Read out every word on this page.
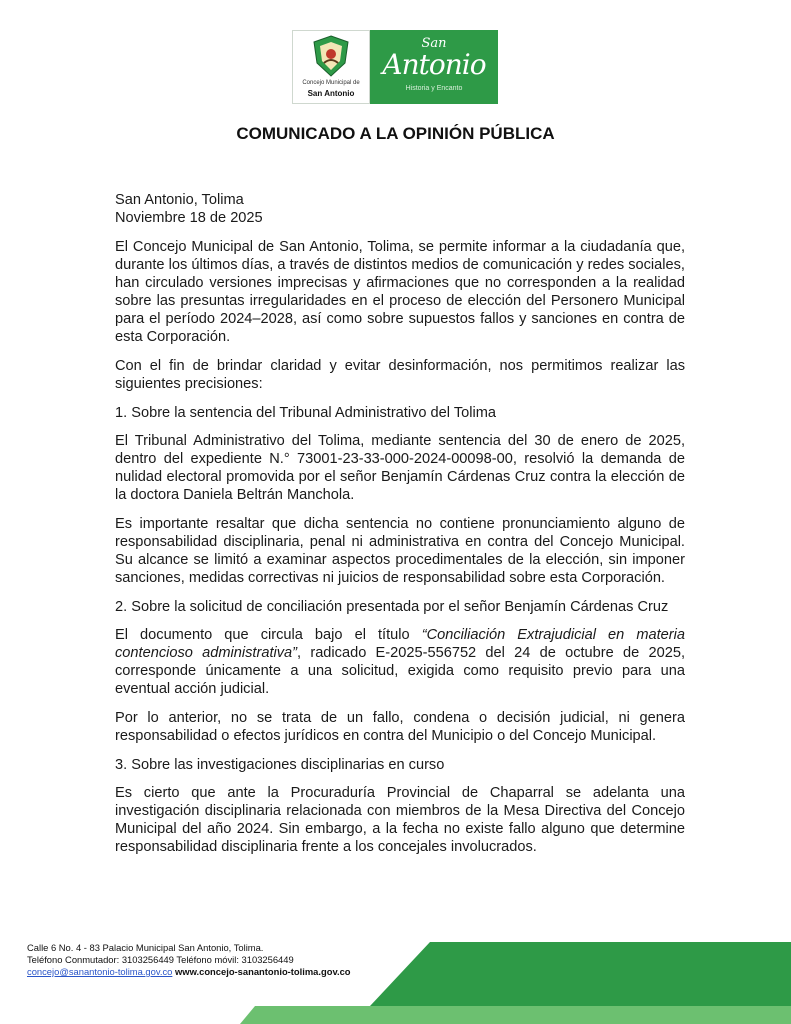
Concejo Municipal de
San Antonio
San
Antonio
Historia y Encanto
COMUNICADO A LA OPINIÓN PÚBLICA

San Antonio, Tolima

Noviembre 18 de 2025

El Concejo Municipal de San Antonio, Tolima, se permite informar a la ciudadanía que, durante los últimos días, a través de distintos medios de comunicación y redes sociales, han circulado versiones imprecisas y afirmaciones que no corresponden a la realidad sobre las presuntas irregularidades en el proceso de elección del Personero Municipal para el período 2024–2028, así como sobre supuestos fallos y sanciones en contra de esta Corporación.

Con el fin de brindar claridad y evitar desinformación, nos permitimos realizar las siguientes precisiones:

1. Sobre la sentencia del Tribunal Administrativo del Tolima

El Tribunal Administrativo del Tolima, mediante sentencia del 30 de enero de 2025, dentro del expediente N.° 73001-23-33-000-2024-00098-00, resolvió la demanda de nulidad electoral promovida por el señor Benjamín Cárdenas Cruz contra la elección de la doctora Daniela Beltrán Manchola.

Es importante resaltar que dicha sentencia no contiene pronunciamiento alguno de responsabilidad disciplinaria, penal ni administrativa en contra del Concejo Municipal. Su alcance se limitó a examinar aspectos procedimentales de la elección, sin imponer sanciones, medidas correctivas ni juicios de responsabilidad sobre esta Corporación.

2. Sobre la solicitud de conciliación presentada por el señor Benjamín Cárdenas Cruz

El documento que circula bajo el título “Conciliación Extrajudicial en materia contencioso administrativa”, radicado E-2025-556752 del 24 de octubre de 2025, corresponde únicamente a una solicitud, exigida como requisito previo para una eventual acción judicial.

Por lo anterior, no se trata de un fallo, condena o decisión judicial, ni genera responsabilidad o efectos jurídicos en contra del Municipio o del Concejo Municipal.

3. Sobre las investigaciones disciplinarias en curso

Es cierto que ante la Procuraduría Provincial de Chaparral se adelanta una investigación disciplinaria relacionada con miembros de la Mesa Directiva del Concejo Municipal del año 2024. Sin embargo, a la fecha no existe fallo alguno que determine responsabilidad disciplinaria frente a los concejales involucrados.

Calle 6 No. 4 - 83 Palacio Municipal San Antonio, Tolima.
Teléfono Conmutador: 3103256449 Teléfono móvil: 3103256449
concejo@sanantonio-tolima.gov.co www.concejo-sanantonio-tolima.gov.co
